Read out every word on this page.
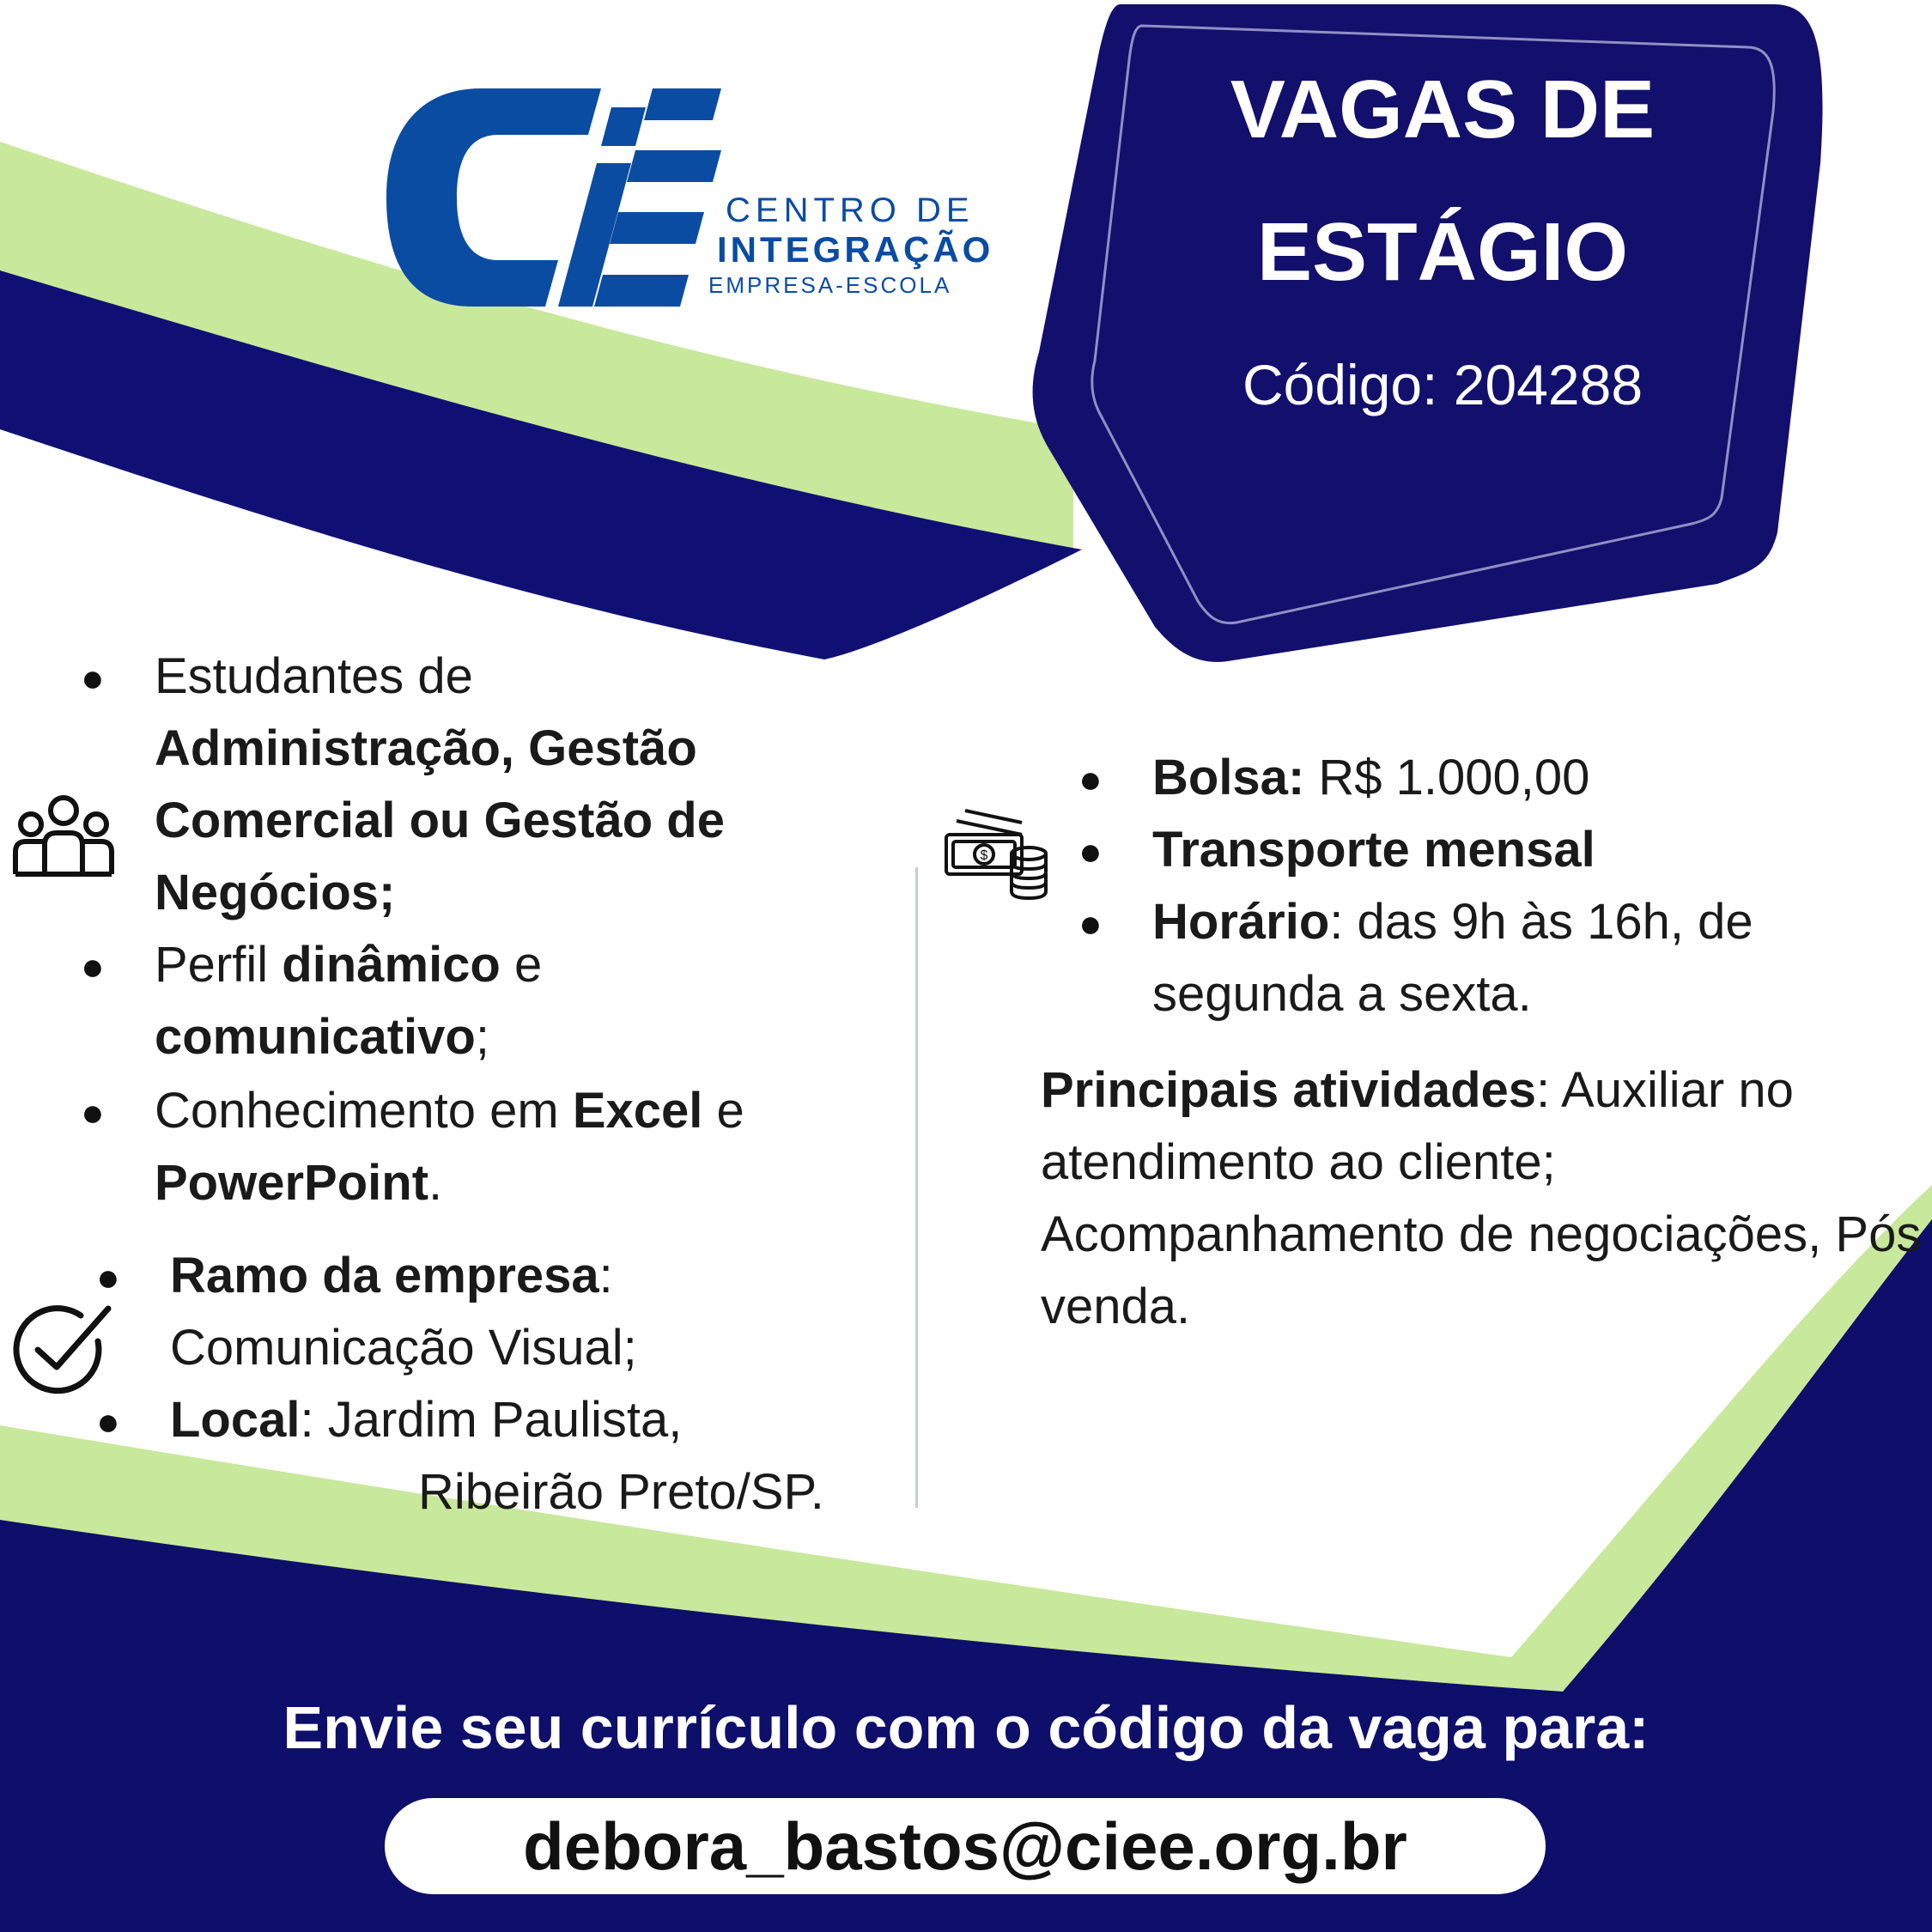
CENTRO DE
INTEGRAÇÃO
EMPRESA-ESCOLA
VAGAS DE
ESTÁGIO
Código: 204288
$
● Estudantes de
Administração, Gestão Comercial ou Gestão de Negócios;
● Perfil dinâmico e comunicativo;
● Conhecimento em Excel e
PowerPoint.
● Ramo da empresa:
Comunicação Visual;
● Local: Jardim Paulista,
Ribeirão Preto/SP.
● Bolsa: R$ 1.000,00
● Transporte mensal
● Horário: das 9h às 16h, de segunda a sexta.
Principais atividades: Auxiliar no atendimento ao cliente; Acompanhamento de negociações, Pós venda.
Envie seu currículo com o código da vaga para:
debora_bastos@ciee.org.br
